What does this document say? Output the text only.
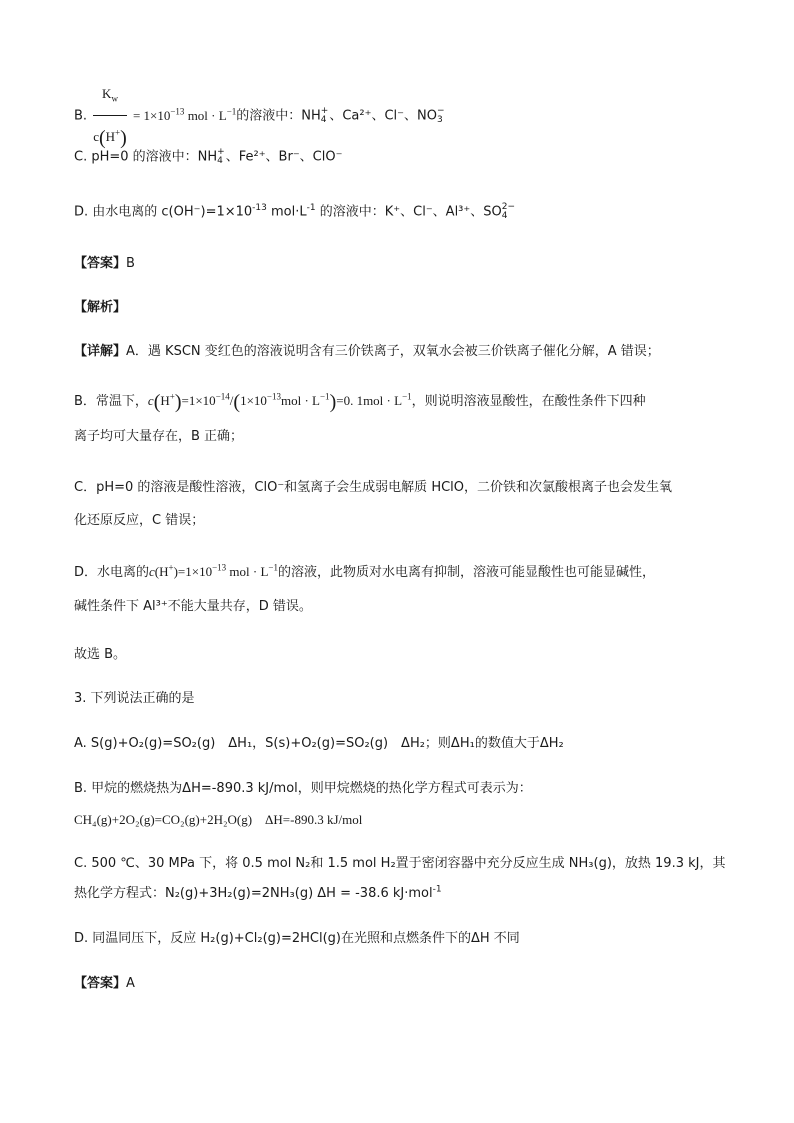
B. $\frac{K_w}{c(H^+)} = 1\times 10^{-13}$ mol · $L^{-1}$的溶液中：NH +
4 、Ca²⁺、Cl⁻、NO −
3
C. pH=0 的溶液中：NH +
4 、Fe²⁺、Br⁻、ClO⁻
D. 由水电离的 $c(OH^-)=1\times 10^{-13}$ $mol\cdot L^{-1}$ 的溶液中：K⁺、Cl⁻、Al³⁺、SO 2−
4
【答案】B
【解析】
【详解】A．遇 KSCN 变红色的溶液说明含有三价铁离子，双氧水会被三价铁离子催化分解，A 错误；
B．常温下，$c(H^+)=1\times 10^{-14}/(1\times 10^{-13}mol \cdot L^{-1})=0$. $1mol \cdot L^{-1}$，则说明溶液显酸性，在酸性条件下四种
离子均可大量存在，B 正确；
C．pH=0 的溶液是酸性溶液，ClO⁻和氢离子会生成弱电解质 HClO，二价铁和次氯酸根离子也会发生氧
化还原反应，C 错误；
D．水电离的$c(H^+)=1\times 10^{-13}$ mol · $L^{-1}$的溶液，此物质对水电离有抑制，溶液可能显酸性也可能显碱性，
碱性条件下 Al³⁺不能大量共存，D 错误。
故选 B。
3. 下列说法正确的是
A. S(g)+O₂(g)=SO₂(g)　ΔH₁，S(s)+O₂(g)=SO₂(g)　ΔH₂；则ΔH₁的数值大于ΔH₂
B. 甲烷的燃烧热为ΔH=-890.3 kJ/mol，则甲烷燃烧的热化学方程式可表示为：
CH₄(g)+2O₂(g)=CO₂(g)+2H₂O(g)　ΔH=-890.3 kJ/mol
C. 500 ℃、30 MPa 下，将 0.5 mol N₂和 1.5 mol H₂置于密闭容器中充分反应生成 NH₃(g)，放热 19.3 kJ，其
热化学方程式：N₂(g)+3H₂(g)=2NH₃(g) ΔH = -38.6 kJ·mol$^{-1}$
D. 同温同压下，反应 H₂(g)+Cl₂(g)=2HCl(g)在光照和点燃条件下的ΔH 不同
【答案】A
